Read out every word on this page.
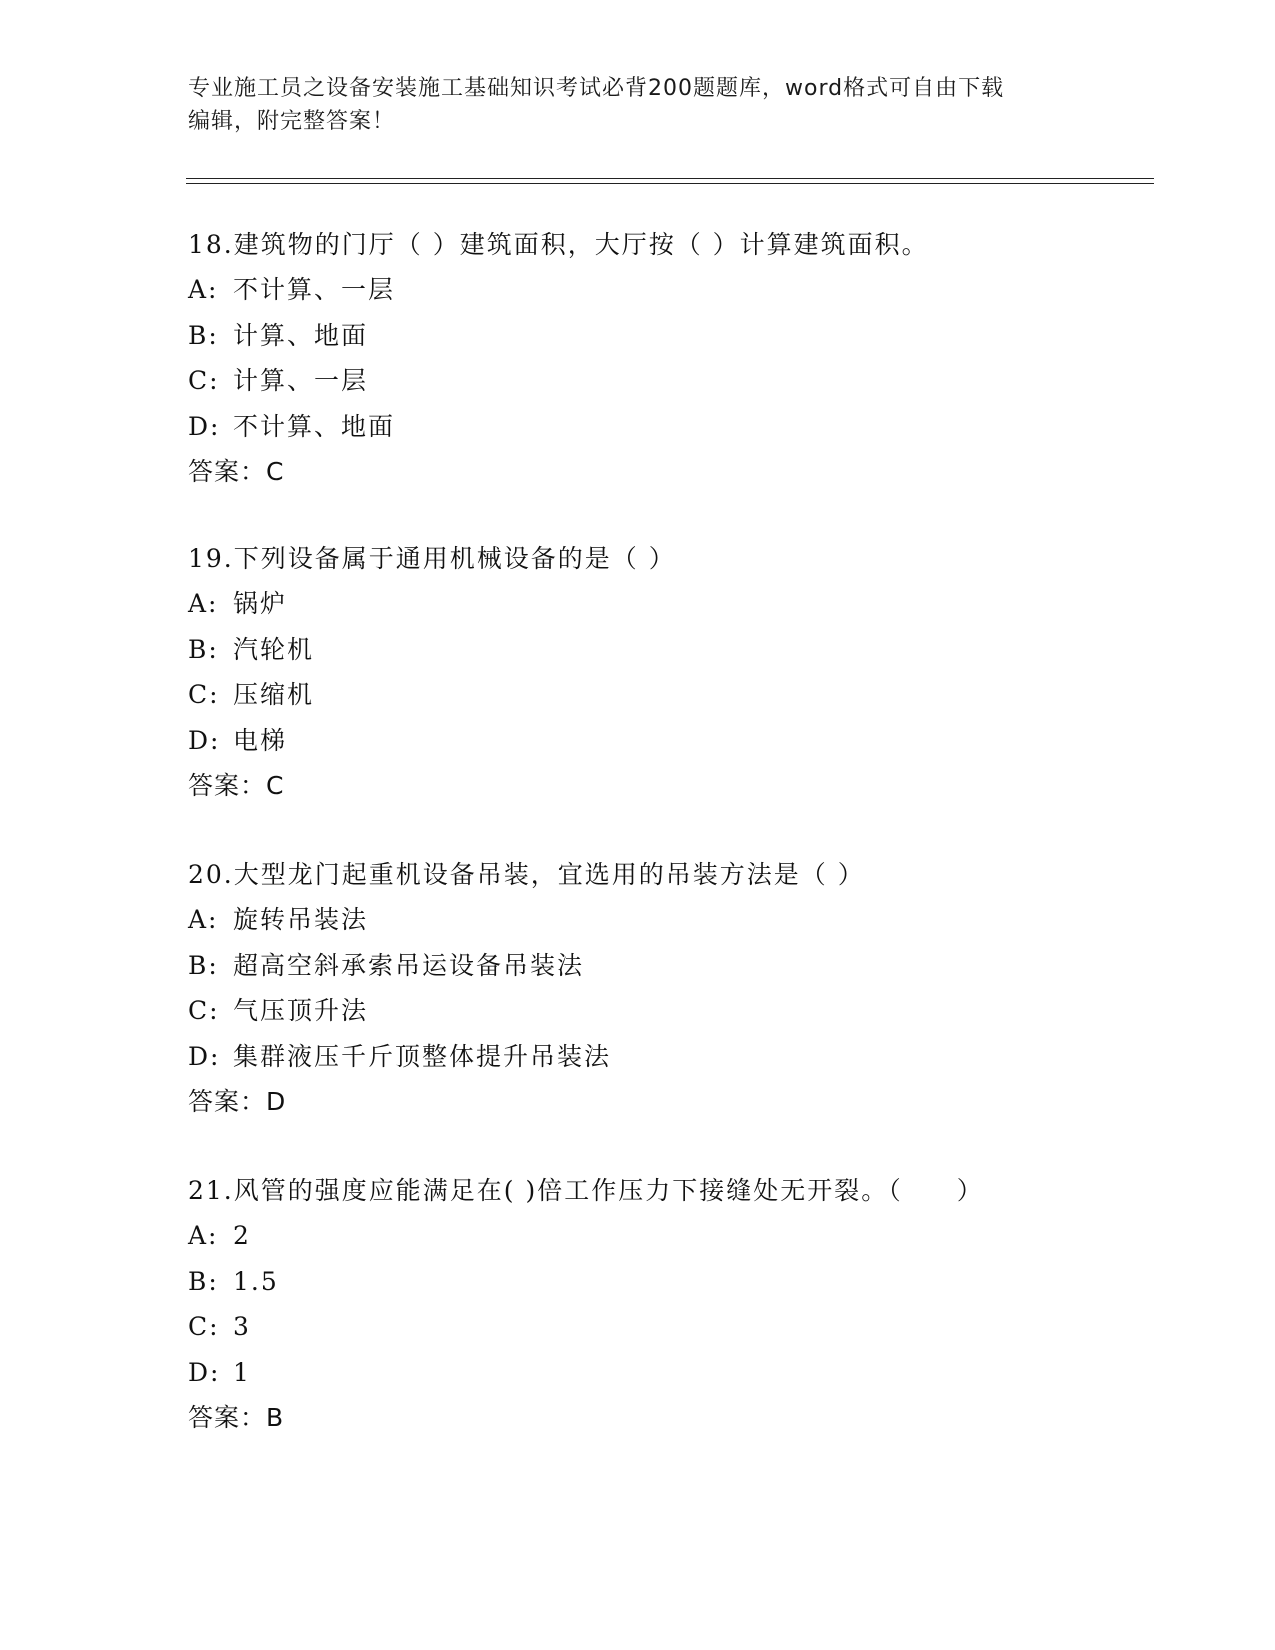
专业施工员之设备安装施工基础知识考试必背200题题库，word格式可自由下载
编辑，附完整答案！
18.建筑物的门厅（ ）建筑面积，大厅按（ ）计算建筑面积。
A: 不计算、一层
B: 计算、地面
C: 计算、一层
D: 不计算、地面
答案：C
19.下列设备属于通用机械设备的是（ ）
A: 锅炉
B: 汽轮机
C: 压缩机
D: 电梯
答案：C
20.大型龙门起重机设备吊装，宜选用的吊装方法是（ ）
A: 旋转吊装法
B: 超高空斜承索吊运设备吊装法
C: 气压顶升法
D: 集群液压千斤顶整体提升吊装法
答案：D
21.风管的强度应能满足在( )倍工作压力下接缝处无开裂。（　　）
A: 2
B: 1.5
C: 3
D: 1
答案：B
